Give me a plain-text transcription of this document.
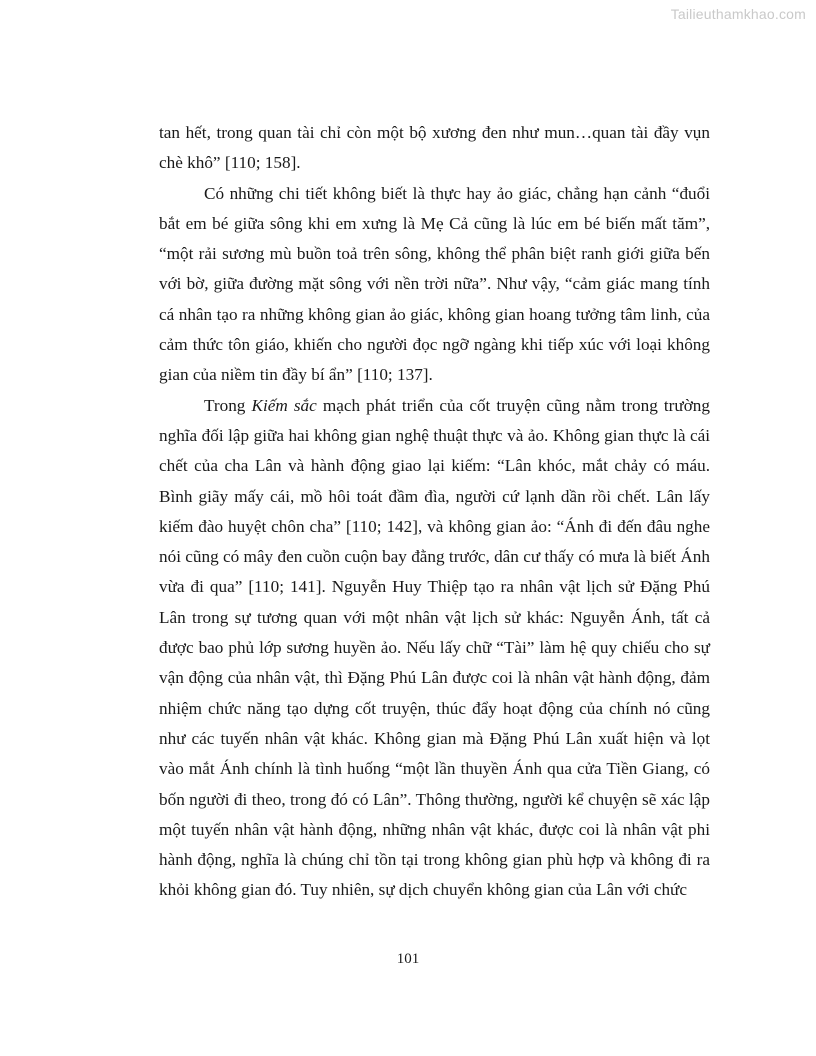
Tailieuthamkhao.com

tan hết, trong quan tài chỉ còn một bộ xương đen như mun…quan tài đầy vụn chè khô” [110; 158].

Có những chi tiết không biết là thực hay ảo giác, chẳng hạn cảnh “đuổi bắt em bé giữa sông khi em xưng là Mẹ Cả cũng là lúc em bé biến mất tăm”, “một rải sương mù buồn toả trên sông, không thể phân biệt ranh giới giữa bến với bờ, giữa đường mặt sông với nền trời nữa”. Như vậy, “cảm giác mang tính cá nhân tạo ra những không gian ảo giác, không gian hoang tưởng tâm linh, của cảm thức tôn giáo, khiến cho người đọc ngỡ ngàng khi tiếp xúc với loại không gian của niềm tin đầy bí ẩn” [110; 137].

Trong Kiếm sắc mạch phát triển của cốt truyện cũng nằm trong trường nghĩa đối lập giữa hai không gian nghệ thuật thực và ảo. Không gian thực là cái chết của cha Lân và hành động giao lại kiếm: “Lân khóc, mắt chảy có máu. Bình giãy mấy cái, mồ hôi toát đầm đìa, người cứ lạnh dần rồi chết. Lân lấy kiếm đào huyệt chôn cha” [110; 142], và không gian ảo: “Ánh đi đến đâu nghe nói cũng có mây đen cuồn cuộn bay đằng trước, dân cư thấy có mưa là biết Ánh vừa đi qua” [110; 141]. Nguyễn Huy Thiệp tạo ra nhân vật lịch sử Đặng Phú Lân trong sự tương quan với một nhân vật lịch sử khác: Nguyễn Ánh, tất cả được bao phủ lớp sương huyền ảo. Nếu lấy chữ “Tài” làm hệ quy chiếu cho sự vận động của nhân vật, thì Đặng Phú Lân được coi là nhân vật hành động, đảm nhiệm chức năng tạo dựng cốt truyện, thúc đẩy hoạt động của chính nó cũng như các tuyến nhân vật khác. Không gian mà Đặng Phú Lân xuất hiện và lọt vào mắt Ánh chính là tình huống “một lần thuyền Ánh qua cửa Tiền Giang, có bốn người đi theo, trong đó có Lân”. Thông thường, người kể chuyện sẽ xác lập một tuyến nhân vật hành động, những nhân vật khác, được coi là nhân vật phi hành động, nghĩa là chúng chỉ tồn tại trong không gian phù hợp và không đi ra khỏi không gian đó. Tuy nhiên, sự dịch chuyển không gian của Lân với chức

101
